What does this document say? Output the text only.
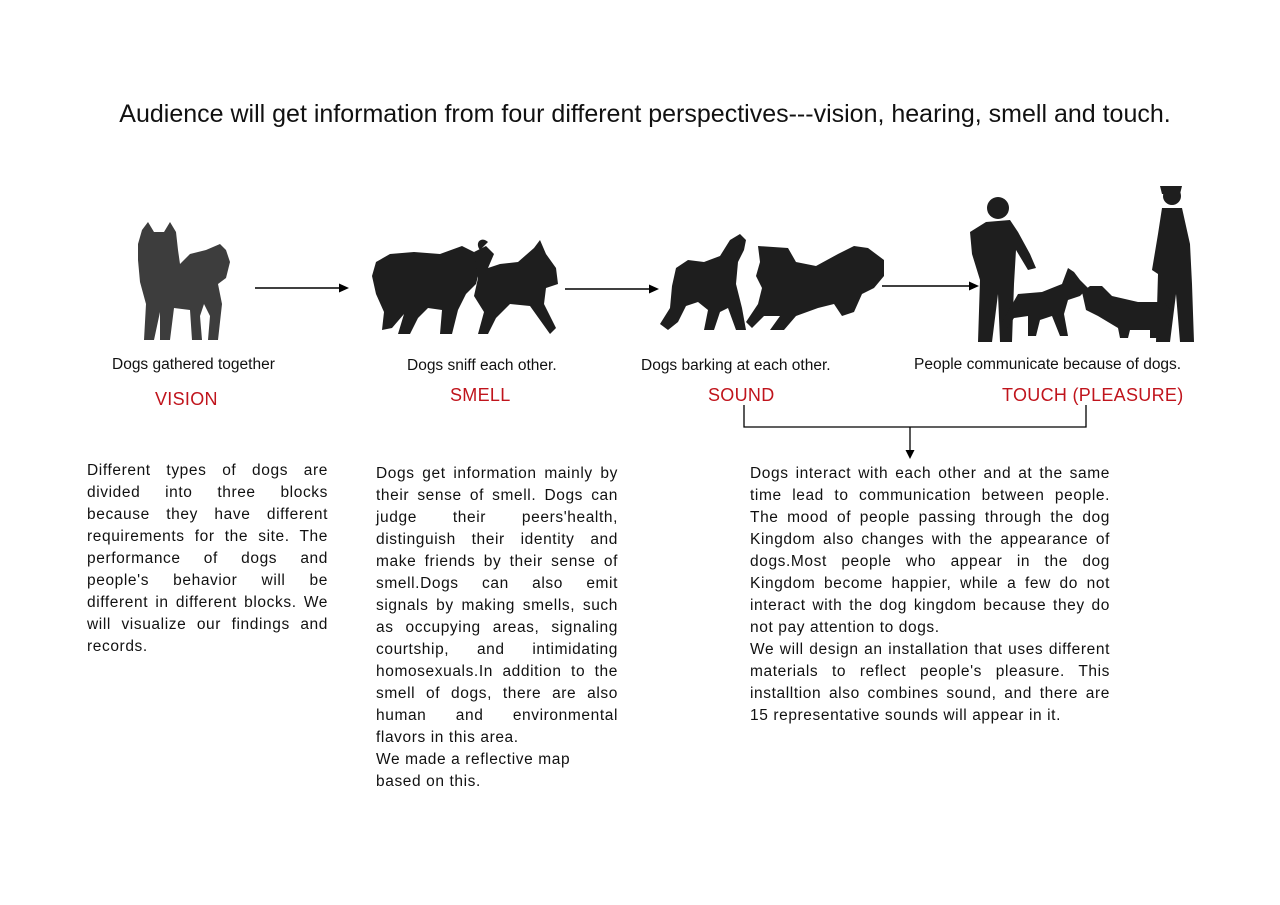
Audience will get information from four different perspectives---vision, hearing, smell and touch.
Dogs gathered together	Dogs sniff each other.	Dogs barking at each other.	People communicate because of dogs.
VISION	SMELL	SOUND	TOUCH (PLEASURE)

Different types of dogs are divided into three blocks because they have different requirements for the site. The performance of dogs and people's behavior will be different in different blocks. We will visualize our findings and records.

Dogs get information mainly by their sense of smell. Dogs can judge their peers'health, distinguish their identity and make friends by their sense of smell.Dogs can also emit signals by making smells, such as occupying areas, signaling courtship, and intimidating homosexuals.In addition to the smell of dogs, there are also human and environmental flavors in this area.

We made a reflective map based on this.

Dogs interact with each other and at the same time lead to communication between people. The mood of people passing through the dog Kingdom also changes with the appearance of dogs.Most people who appear in the dog Kingdom become happier, while a few do not interact with the dog kingdom because they do not pay attention to dogs.

We will design an installation that uses different materials to reflect people's pleasure. This installtion also combines sound, and there are 15 representative sounds will appear in it.
